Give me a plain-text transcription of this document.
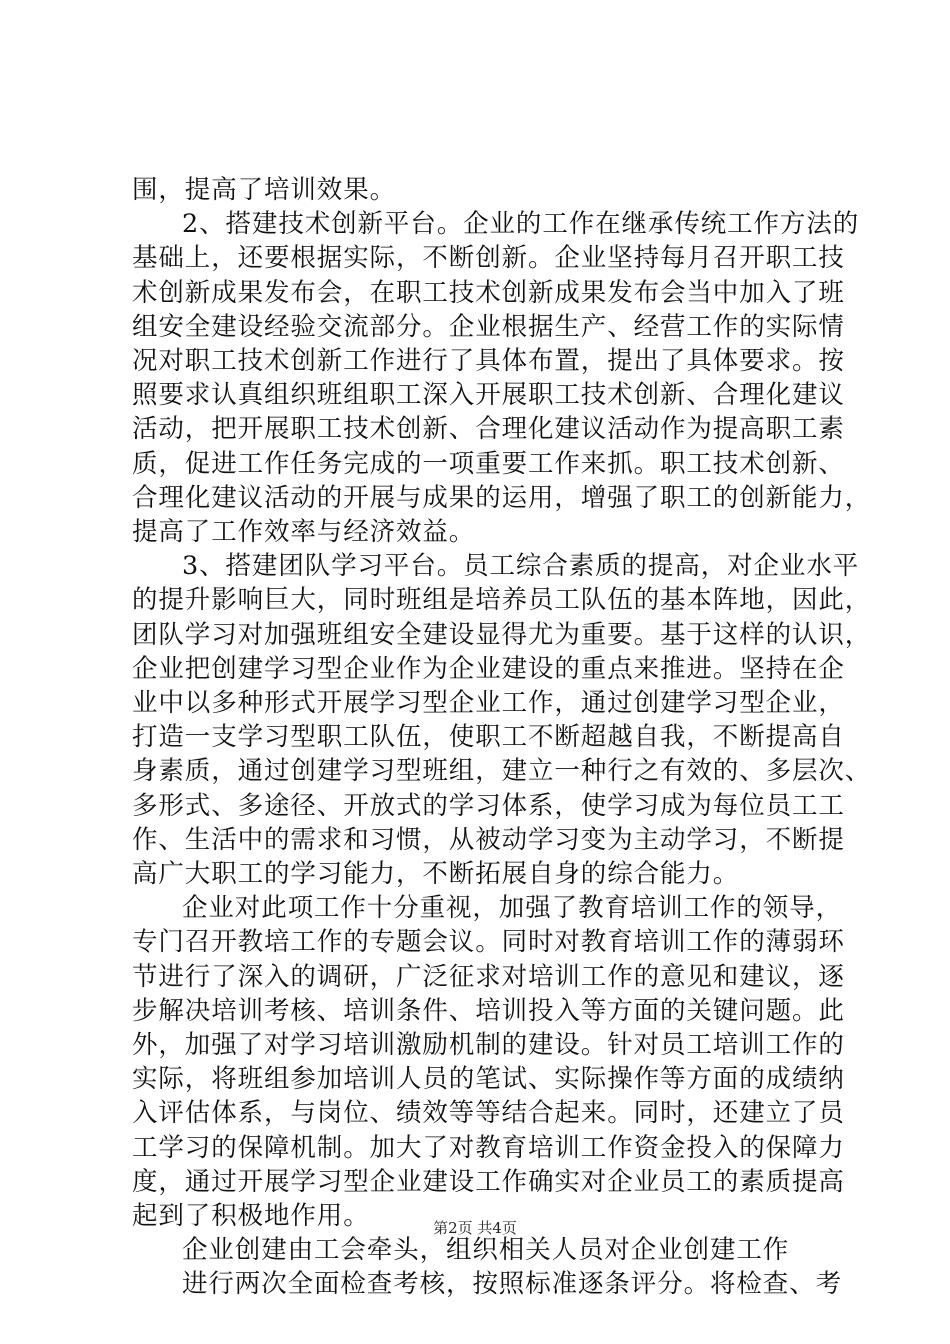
围，提高了培训效果。
2、搭建技术创新平台。企业的工作在继承传统工作方法的
基础上，还要根据实际，不断创新。企业坚持每月召开职工技
术创新成果发布会，在职工技术创新成果发布会当中加入了班
组安全建设经验交流部分。企业根据生产、经营工作的实际情
况对职工技术创新工作进行了具体布置，提出了具体要求。按
照要求认真组织班组职工深入开展职工技术创新、合理化建议
活动，把开展职工技术创新、合理化建议活动作为提高职工素
质，促进工作任务完成的一项重要工作来抓。职工技术创新、
合理化建议活动的开展与成果的运用，增强了职工的创新能力，
提高了工作效率与经济效益。
3、搭建团队学习平台。员工综合素质的提高，对企业水平
的提升影响巨大，同时班组是培养员工队伍的基本阵地，因此，
团队学习对加强班组安全建设显得尤为重要。基于这样的认识，
企业把创建学习型企业作为企业建设的重点来推进。坚持在企
业中以多种形式开展学习型企业工作，通过创建学习型企业，
打造一支学习型职工队伍，使职工不断超越自我，不断提高自
身素质，通过创建学习型班组，建立一种行之有效的、多层次、
多形式、多途径、开放式的学习体系，使学习成为每位员工工
作、生活中的需求和习惯，从被动学习变为主动学习，不断提
高广大职工的学习能力，不断拓展自身的综合能力。
企业对此项工作十分重视，加强了教育培训工作的领导，
专门召开教培工作的专题会议。同时对教育培训工作的薄弱环
节进行了深入的调研，广泛征求对培训工作的意见和建议，逐
步解决培训考核、培训条件、培训投入等方面的关键问题。此
外，加强了对学习培训激励机制的建设。针对员工培训工作的
实际，将班组参加培训人员的笔试、实际操作等方面的成绩纳
入评估体系，与岗位、绩效等等结合起来。同时，还建立了员
工学习的保障机制。加大了对教育培训工作资金投入的保障力
度，通过开展学习型企业建设工作确实对企业员工的素质提高
起到了积极地作用。
企业创建由工会牵头，组织相关人员对企业创建工作
进行两次全面检查考核，按照标准逐条评分。将检查、考
第2页 共4页
